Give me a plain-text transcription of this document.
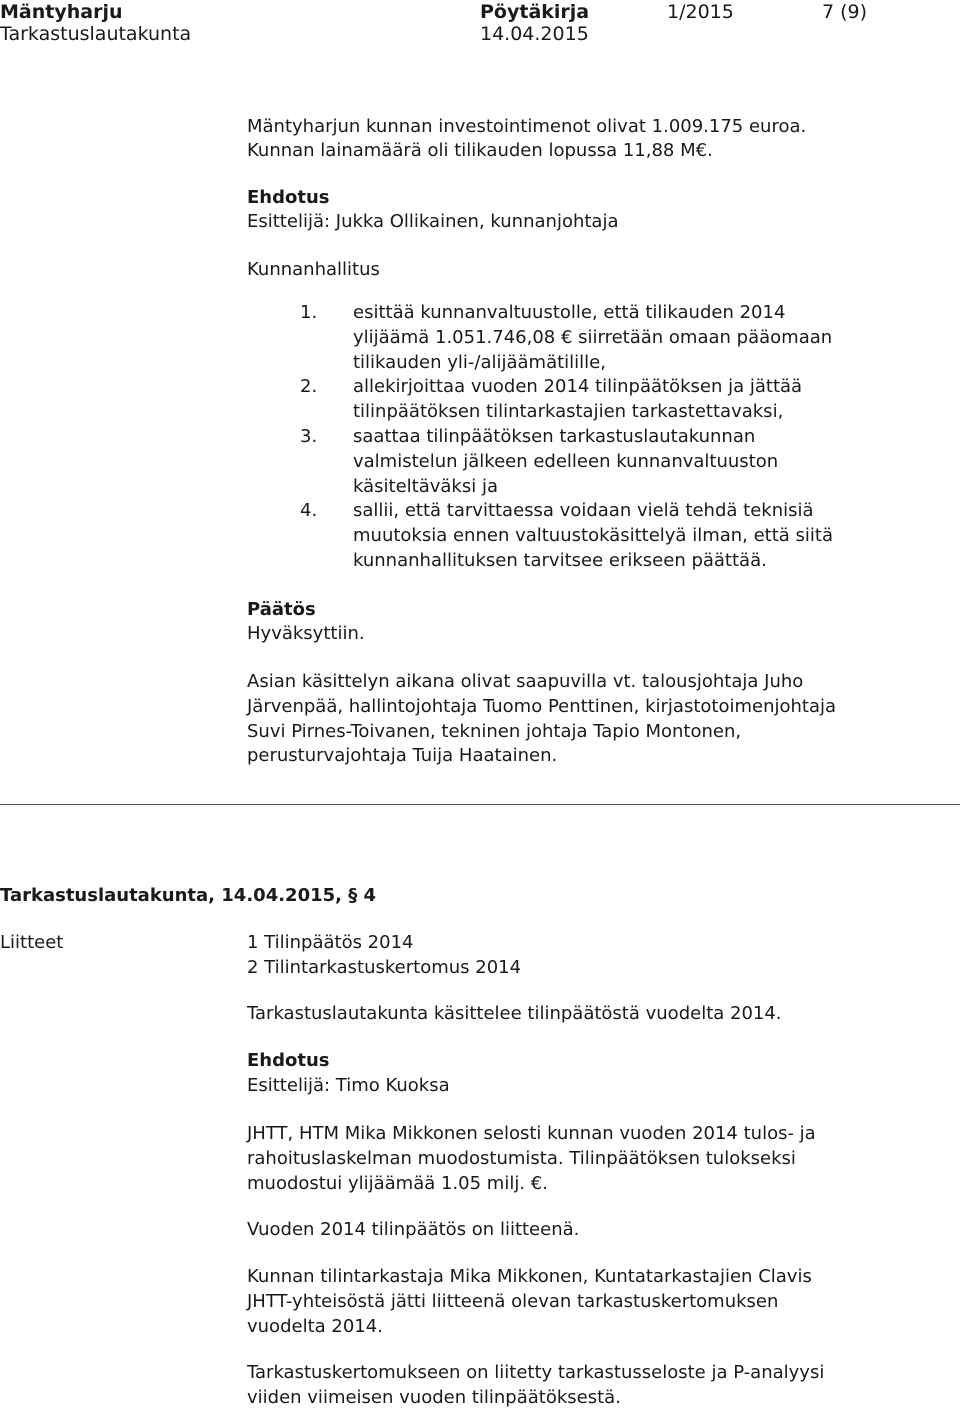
Mäntyharju
Tarkastuslautakunta
Pöytäkirja
14.04.2015
1/2015	7 (9)
Mäntyharjun kunnan investointimenot olivat 1.009.175 euroa.
Kunnan lainamäärä oli tilikauden lopussa 11,88 M€.
Ehdotus
Esittelijä: Jukka Ollikainen, kunnanjohtaja
Kunnanhallitus
1. esittää kunnanvaltuustolle, että tilikauden 2014
ylijäämä 1.051.746,08 € siirretään omaan pääomaan
tilikauden yli-/alijäämätilille,
2. allekirjoittaa vuoden 2014 tilinpäätöksen ja jättää
tilinpäätöksen tilintarkastajien tarkastettavaksi,
3. saattaa tilinpäätöksen tarkastuslautakunnan
valmistelun jälkeen edelleen kunnanvaltuuston
käsiteltäväksi ja
4. sallii, että tarvittaessa voidaan vielä tehdä teknisiä
muutoksia ennen valtuustokäsittelyä ilman, että siitä
kunnanhallituksen tarvitsee erikseen päättää.
Päätös
Hyväksyttiin.
Asian käsittelyn aikana olivat saapuvilla vt. talousjohtaja Juho
Järvenpää, hallintojohtaja Tuomo Penttinen, kirjastotoimenjohtaja
Suvi Pirnes-Toivanen, tekninen johtaja Tapio Montonen,
perusturvajohtaja Tuija Haatainen.
Tarkastuslautakunta, 14.04.2015, § 4
Liitteet	1 Tilinpäätös 2014
2 Tilintarkastuskertomus 2014
Tarkastuslautakunta käsittelee tilinpäätöstä vuodelta 2014.
Ehdotus
Esittelijä: Timo Kuoksa
JHTT, HTM Mika Mikkonen selosti kunnan vuoden 2014 tulos- ja
rahoituslaskelman muodostumista. Tilinpäätöksen tulokseksi
muodostui ylijäämää 1.05 milj. €.
Vuoden 2014 tilinpäätös on liitteenä.
Kunnan tilintarkastaja Mika Mikkonen, Kuntatarkastajien Clavis
JHTT-yhteisöstä jätti liitteenä olevan tarkastuskertomuksen
vuodelta 2014.
Tarkastuskertomukseen on liitetty tarkastusseloste ja P-analyysi
viiden viimeisen vuoden tilinpäätöksestä.
